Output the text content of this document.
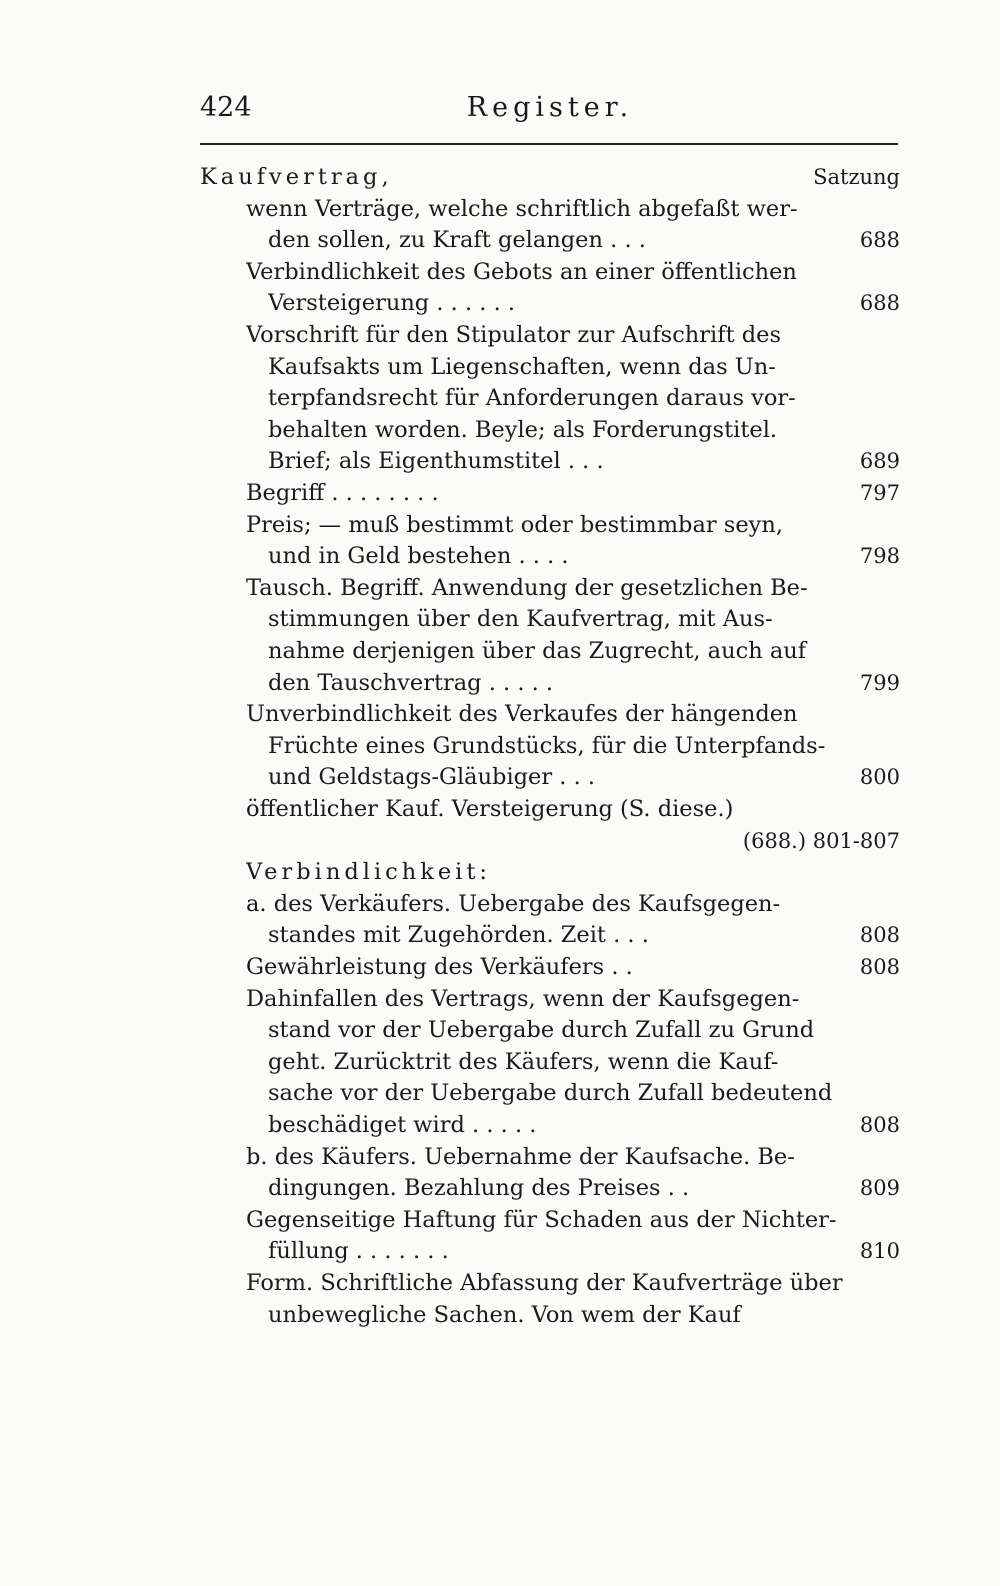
424	Register.
Kaufvertrag,	Satzung
wenn Verträge, welche schriftlich abgefaßt wer-
den sollen, zu Kraft gelangen . . .	688
Verbindlichkeit des Gebots an einer öffentlichen
Versteigerung . . . . . .	688
Vorschrift für den Stipulator zur Aufschrift des
Kaufsakts um Liegenschaften, wenn das Un-
terpfandsrecht für Anforderungen daraus vor-
behalten worden. Beyle; als Forderungstitel.
Brief; als Eigenthumstitel . . .	689
Begriff . . . . . . . .	797
Preis; — muß bestimmt oder bestimmbar seyn,
und in Geld bestehen . . . .	798
Tausch. Begriff. Anwendung der gesetzlichen Be-
stimmungen über den Kaufvertrag, mit Aus-
nahme derjenigen über das Zugrecht, auch auf
den Tauschvertrag . . . . .	799
Unverbindlichkeit des Verkaufes der hängenden
Früchte eines Grundstücks, für die Unterpfands-
und Geldstags-Gläubiger . . .	800
öffentlicher Kauf. Versteigerung (S. diese.)
(688.) 801-807
Verbindlichkeit:
a. des Verkäufers. Uebergabe des Kaufsgegen-
standes mit Zugehörden. Zeit . . .	808
Gewährleistung des Verkäufers . .	808
Dahinfallen des Vertrags, wenn der Kaufsgegen-
stand vor der Uebergabe durch Zufall zu Grund
geht. Zurücktrit des Käufers, wenn die Kauf-
sache vor der Uebergabe durch Zufall bedeutend
beschädiget wird . . . . .	808
b. des Käufers. Uebernahme der Kaufsache. Be-
dingungen. Bezahlung des Preises . .	809
Gegenseitige Haftung für Schaden aus der Nichter-
füllung . . . . . . .	810
Form. Schriftliche Abfassung der Kaufverträge über
unbewegliche Sachen. Von wem der Kauf
